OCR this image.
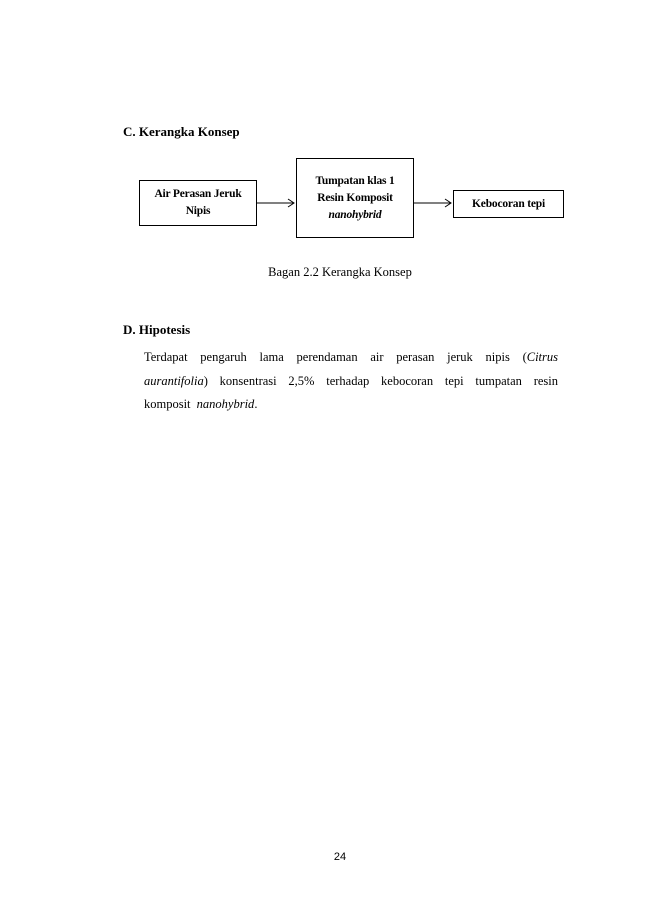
C. Kerangka Konsep
Air Perasan Jeruk
Nipis
Tumpatan klas 1
Resin Komposit
nanohybrid
Kebocoran tepi

Bagan 2.2 Kerangka Konsep

D. Hipotesis

Terdapat pengaruh lama perendaman air perasan jeruk nipis (Citrus
aurantifolia) konsentrasi 2,5% terhadap kebocoran tepi tumpatan resin
komposit nanohybrid.

24
